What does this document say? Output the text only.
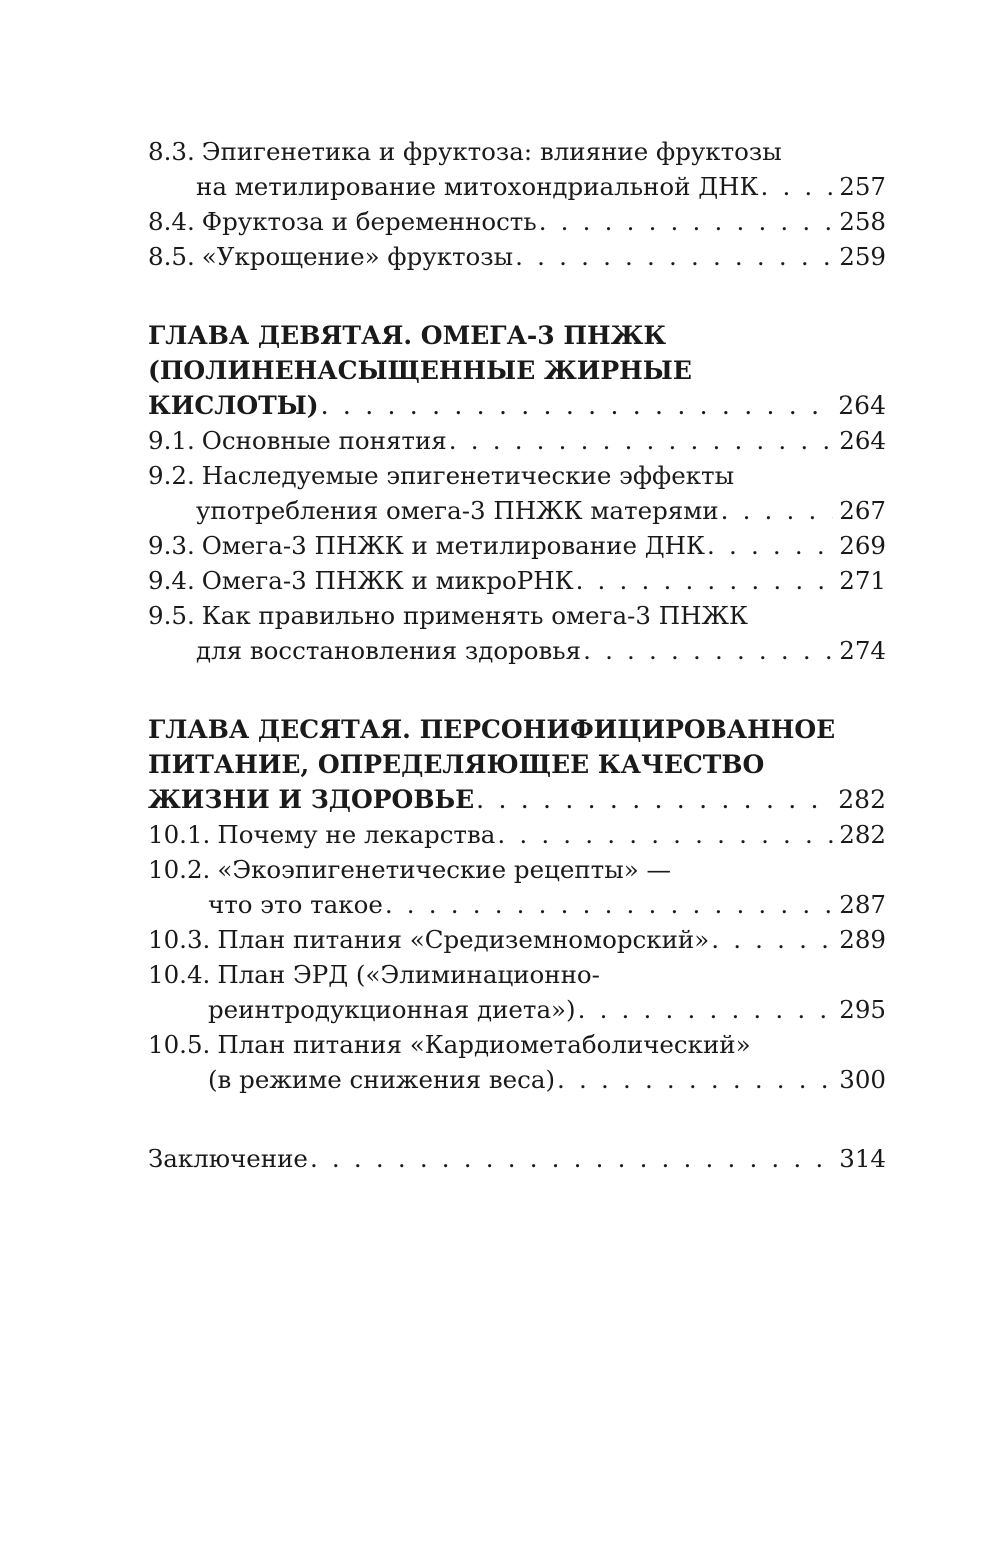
8.3. Эпигенетика и фруктоза: влияние фруктозы
на метилирование митохондриальной ДНК . . .	257
8.4. Фруктоза и беременность . . .	258
8.5. «Укрощение» фруктозы . . .	259
ГЛАВА ДЕВЯТАЯ. ОМЕГА-3 ПНЖК
(ПОЛИНЕНАСЫЩЕННЫЕ ЖИРНЫЕ
КИСЛОТЫ) . . .	264
9.1. Основные понятия . . .	264
9.2. Наследуемые эпигенетические эффекты
употребления омега-3 ПНЖК матерями . . .	267
9.3. Омега-3 ПНЖК и метилирование ДНК . . .	269
9.4. Омега-3 ПНЖК и микроРНК . . .	271
9.5. Как правильно применять омега-3 ПНЖК
для восстановления здоровья . . .	274
ГЛАВА ДЕСЯТАЯ. ПЕРСОНИФИЦИРОВАННОЕ
ПИТАНИЕ, ОПРЕДЕЛЯЮЩЕЕ КАЧЕСТВО
ЖИЗНИ И ЗДОРОВЬЕ . . .	282
10.1. Почему не лекарства . . .	282
10.2. «Экоэпигенетические рецепты» —
что это такое . . .	287
10.3. План питания «Средиземноморский» . . .	289
10.4. План ЭРД («Элиминационно-
реинтродукционная диета») . . .	295
10.5. План питания «Кардиометаболический»
(в режиме снижения веса) . . .	300
Заключение . . .	314
